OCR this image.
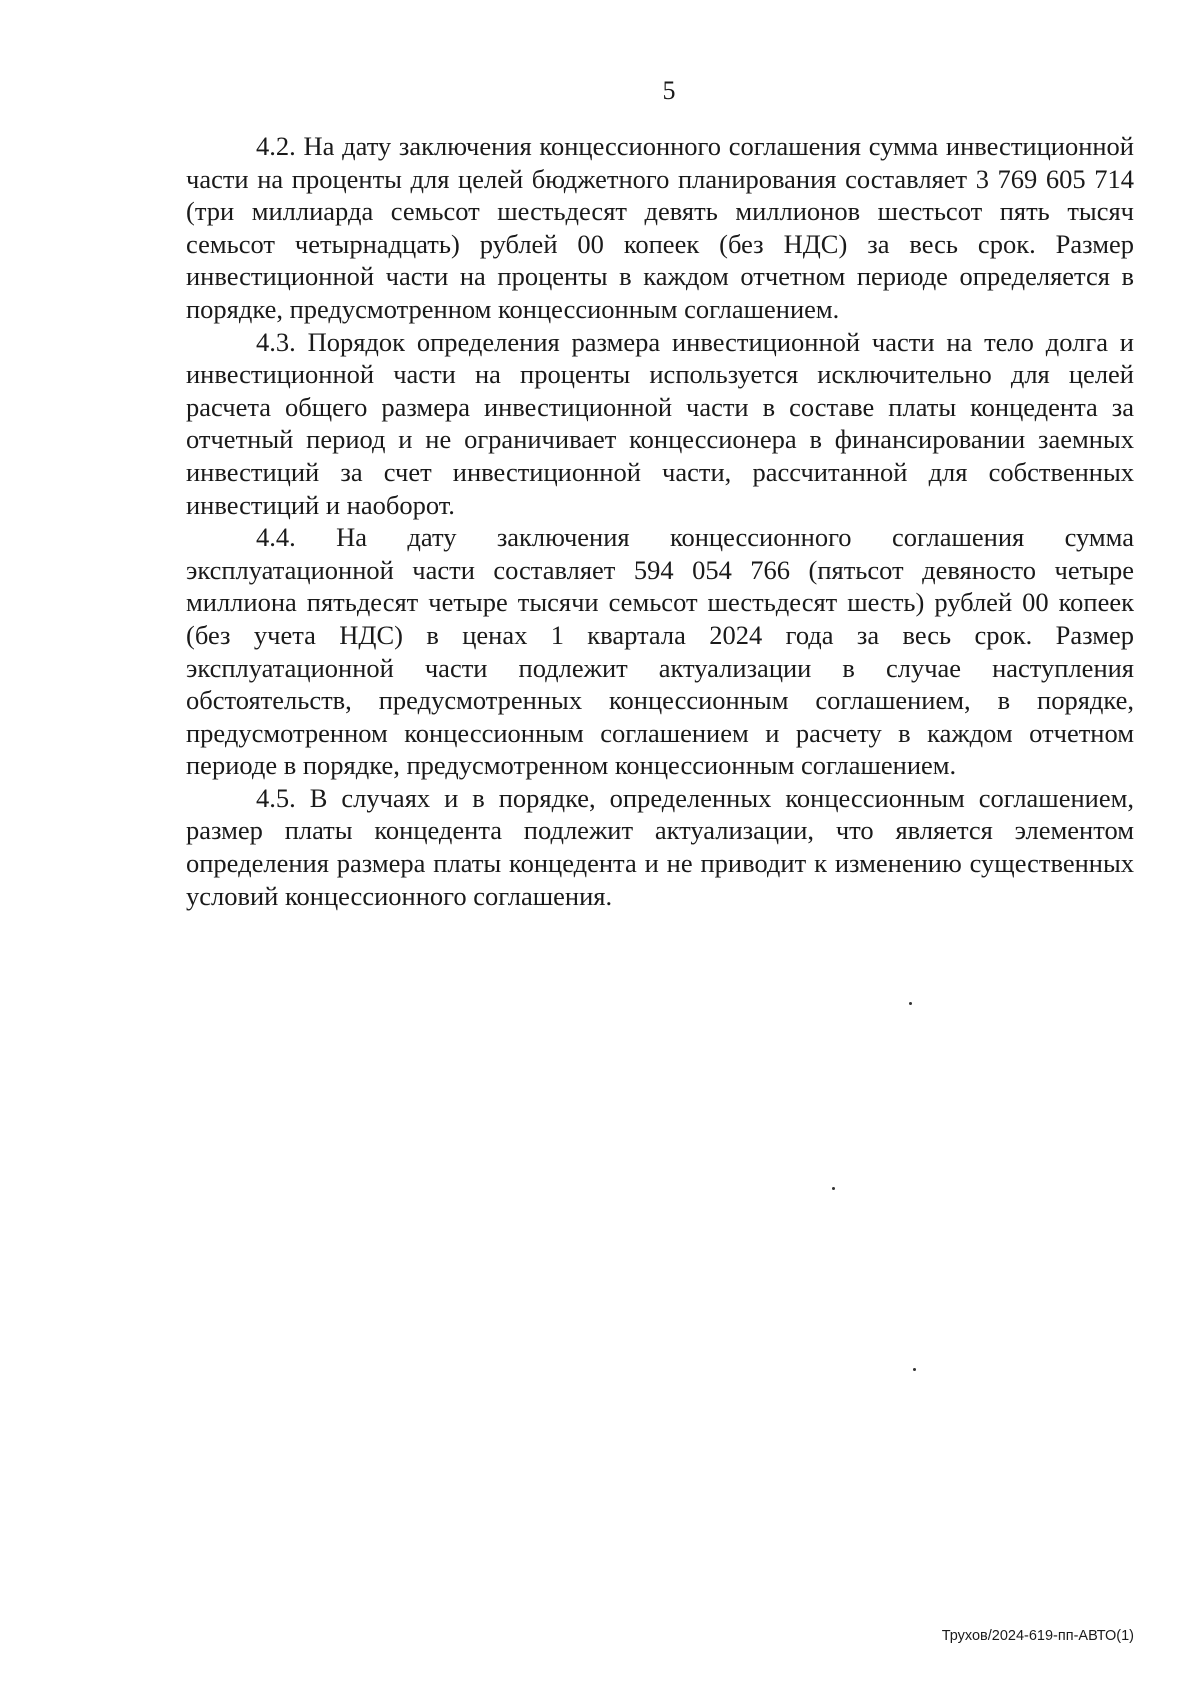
5

4.2. На дату заключения концессионного соглашения сумма инвестиционной части на проценты для целей бюджетного планирования составляет 3 769 605 714 (три миллиарда семьсот шестьдесят девять миллионов шестьсот пять тысяч семьсот четырнадцать) рублей 00 копеек (без НДС) за весь срок. Размер инвестиционной части на проценты в каждом отчетном периоде определяется в порядке, предусмотренном концессионным соглашением.

4.3. Порядок определения размера инвестиционной части на тело долга и инвестиционной части на проценты используется исключительно для целей расчета общего размера инвестиционной части в составе платы концедента за отчетный период и не ограничивает концессионера в финансировании заемных инвестиций за счет инвестиционной части, рассчитанной для собственных инвестиций и наоборот.

4.4. На дату заключения концессионного соглашения сумма эксплуатационной части составляет 594 054 766 (пятьсот девяносто четыре миллиона пятьдесят четыре тысячи семьсот шестьдесят шесть) рублей 00 копеек (без учета НДС) в ценах 1 квартала 2024 года за весь срок. Размер эксплуатационной части подлежит актуализации в случае наступления обстоятельств, предусмотренных концессионным соглашением, в порядке, предусмотренном концессионным соглашением и расчету в каждом отчетном периоде в порядке, предусмотренном концессионным соглашением.

4.5. В случаях и в порядке, определенных концессионным соглашением, размер платы концедента подлежит актуализации, что является элементом определения размера платы концедента и не приводит к изменению существенных условий концессионного соглашения.

Трухов/2024-619-пп-АВТО(1)
